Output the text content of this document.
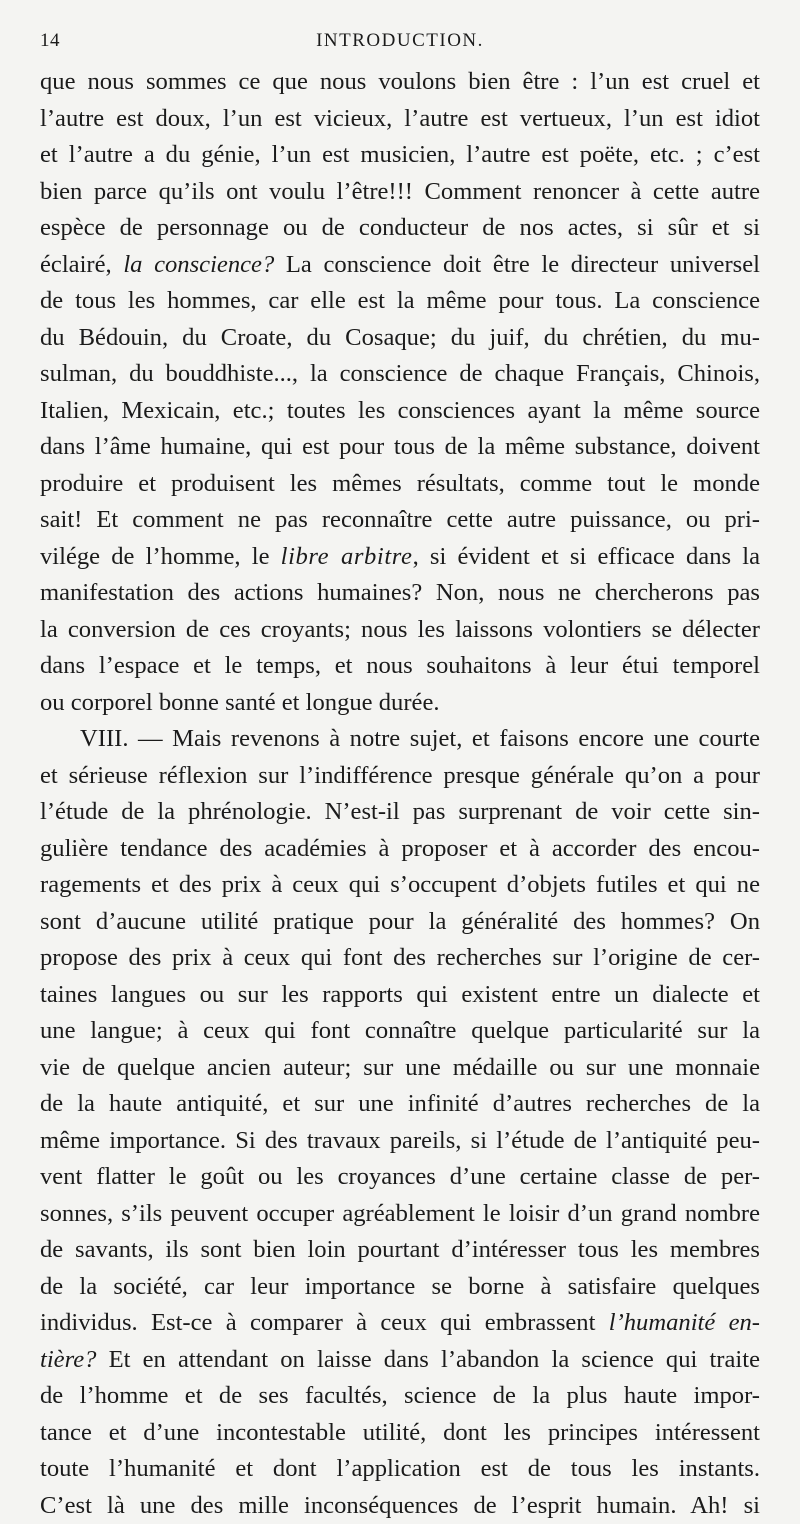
14	INTRODUCTION.
que nous sommes ce que nous voulons bien être : l’un est cruel et
l’autre est doux, l’un est vicieux, l’autre est vertueux, l’un est idiot
et l’autre a du génie, l’un est musicien, l’autre est poëte, etc. ; c’est
bien parce qu’ils ont voulu l’être!!! Comment renoncer à cette autre
espèce de personnage ou de conducteur de nos actes, si sûr et si
éclairé, la conscience? La conscience doit être le directeur universel
de tous les hommes, car elle est la même pour tous. La conscience
du Bédouin, du Croate, du Cosaque; du juif, du chrétien, du mu-
sulman, du bouddhiste..., la conscience de chaque Français, Chinois,
Italien, Mexicain, etc.; toutes les consciences ayant la même source
dans l’âme humaine, qui est pour tous de la même substance, doivent
produire et produisent les mêmes résultats, comme tout le monde
sait! Et comment ne pas reconnaître cette autre puissance, ou pri-
vilége de l’homme, le libre arbitre, si évident et si efficace dans la
manifestation des actions humaines? Non, nous ne chercherons pas
la conversion de ces croyants; nous les laissons volontiers se délecter
dans l’espace et le temps, et nous souhaitons à leur étui temporel
ou corporel bonne santé et longue durée.
VIII. — Mais revenons à notre sujet, et faisons encore une courte
et sérieuse réflexion sur l’indifférence presque générale qu’on a pour
l’étude de la phrénologie. N’est-il pas surprenant de voir cette sin-
gulière tendance des académies à proposer et à accorder des encou-
ragements et des prix à ceux qui s’occupent d’objets futiles et qui ne
sont d’aucune utilité pratique pour la généralité des hommes? On
propose des prix à ceux qui font des recherches sur l’origine de cer-
taines langues ou sur les rapports qui existent entre un dialecte et
une langue; à ceux qui font connaître quelque particularité sur la
vie de quelque ancien auteur; sur une médaille ou sur une monnaie
de la haute antiquité, et sur une infinité d’autres recherches de la
même importance. Si des travaux pareils, si l’étude de l’antiquité peu-
vent flatter le goût ou les croyances d’une certaine classe de per-
sonnes, s’ils peuvent occuper agréablement le loisir d’un grand nombre
de savants, ils sont bien loin pourtant d’intéresser tous les membres
de la société, car leur importance se borne à satisfaire quelques
individus. Est-ce à comparer à ceux qui embrassent l’humanité en-
tière? Et en attendant on laisse dans l’abandon la science qui traite
de l’homme et de ses facultés, science de la plus haute impor-
tance et d’une incontestable utilité, dont les principes intéressent
toute l’humanité et dont l’application est de tous les instants.
C’est là une des mille inconséquences de l’esprit humain. Ah! si
